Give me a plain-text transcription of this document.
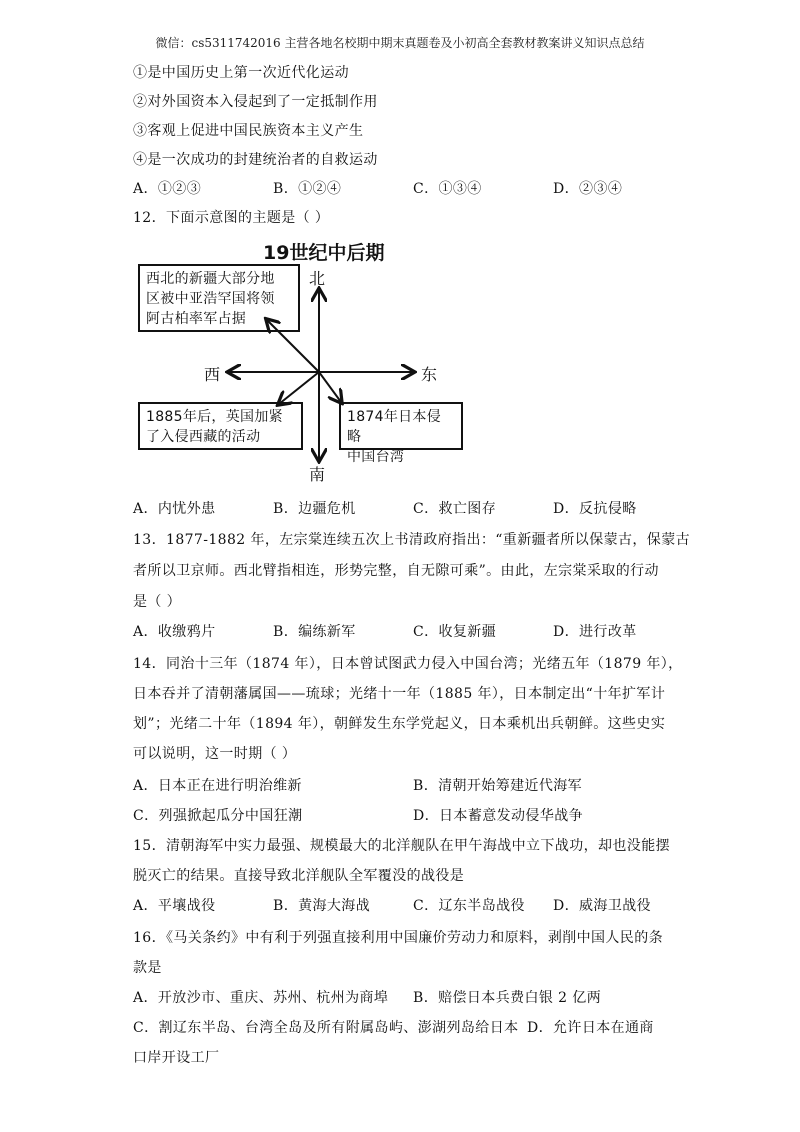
微信：cs5311742016 主营各地名校期中期末真题卷及小初高全套教材教案讲义知识点总结
①是中国历史上第一次近代化运动
②对外国资本入侵起到了一定抵制作用
③客观上促进中国民族资本主义产生
④是一次成功的封建统治者的自救运动
A．①②③	B．①②④	C．①③④	D．②③④
12．下面示意图的主题是（ ）
19世纪中后期
北
南
西	东
西北的新疆大部分地
区被中亚浩罕国将领
阿古柏率军占据
1885年后，英国加紧
了入侵西藏的活动
1874年日本侵略
中国台湾
A．内忧外患	B．边疆危机	C．救亡图存	D．反抗侵略
13．1877-1882 年，左宗棠连续五次上书清政府指出：“重新疆者所以保蒙古，保蒙古
者所以卫京师。西北臂指相连，形势完整，自无隙可乘”。由此，左宗棠采取的行动
是（ ）
A．收缴鸦片	B．编练新军	C．收复新疆	D．进行改革
14．同治十三年（1874 年），日本曾试图武力侵入中国台湾；光绪五年（1879 年），
日本吞并了清朝藩属国——琉球；光绪十一年（1885 年），日本制定出“十年扩军计
划”；光绪二十年（1894 年），朝鲜发生东学党起义，日本乘机出兵朝鲜。这些史实
可以说明，这一时期（ ）
A．日本正在进行明治维新	B．清朝开始筹建近代海军
C．列强掀起瓜分中国狂潮	D．日本蓄意发动侵华战争
15．清朝海军中实力最强、规模最大的北洋舰队在甲午海战中立下战功，却也没能摆
脱灭亡的结果。直接导致北洋舰队全军覆没的战役是
A．平壤战役	B．黄海大海战	C．辽东半岛战役 D．威海卫战役
16．《马关条约》中有利于列强直接利用中国廉价劳动力和原料，剥削中国人民的条
款是
A．开放沙市、重庆、苏州、杭州为商埠 B．赔偿日本兵费白银 2 亿两
C．割辽东半岛、台湾全岛及所有附属岛屿、澎湖列岛给日本 D．允许日本在通商
口岸开设工厂
